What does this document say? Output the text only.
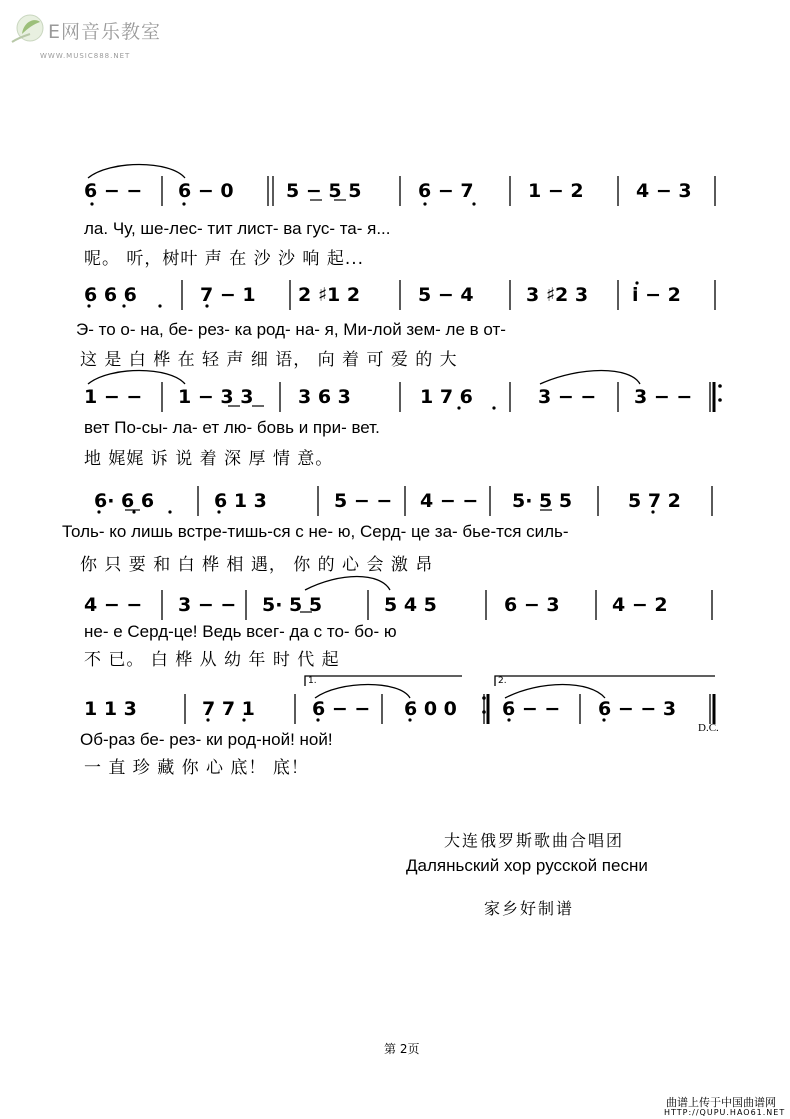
E网音乐教室
WWW.MUSIC888.NET
6 − − 6 − 0	5 − 5 5	6 − 7	1 − 2	4 − 3
ла. Чу, ше-лес- тит лист- ва гус- та- я...
呢。 听，树叶 声 在 沙 沙 响 起...
6 6 6	7 − 1 2 ♯1 2	5 − 4	3 ♯2 3 i − 2
Э- то о- на, бе- рез- ка род- на- я, Ми-лой зем- ле в от-
这 是 白 桦 在 轻 声 细 语， 向 着 可 爱 的 大
1 − − 1 − 3 3 3 6 3	1 7 6	3 − − 3 − −
вет По-сы- ла- ет лю- бовь и при- вет.
地 娓娓 诉 说 着 深 厚 情 意。
6· 6 6	6 1 3	5 − − 4 − − 5· 5 5	5 7 2
Толь- ко лишь встре-тишь-ся с не- ю, Серд- це за- бье-тся силь-
你 只 要 和 白 桦 相 遇， 你 的 心 会 激 昂
4 − − 3 − − 5· 5 5	5 4 5	6 − 3	4 − 2
не- е Серд-це! Ведь всег- да с то- бо- ю
不 已。 白 桦 从 幼 年 时 代 起
1.	2.
1 1 3	7 7 1	6 − − 6 0 0 6 − − 6 − − 3
D.C.
Об-раз бе- рез- ки род-ной! ной!
一 直 珍 藏 你 心 底！ 底！
大连俄罗斯歌曲合唱团
Даляньский хор русской песни
家乡好制谱
第 2页
曲谱上传于中国曲谱网
HTTP://QUPU.HAO61.NET
